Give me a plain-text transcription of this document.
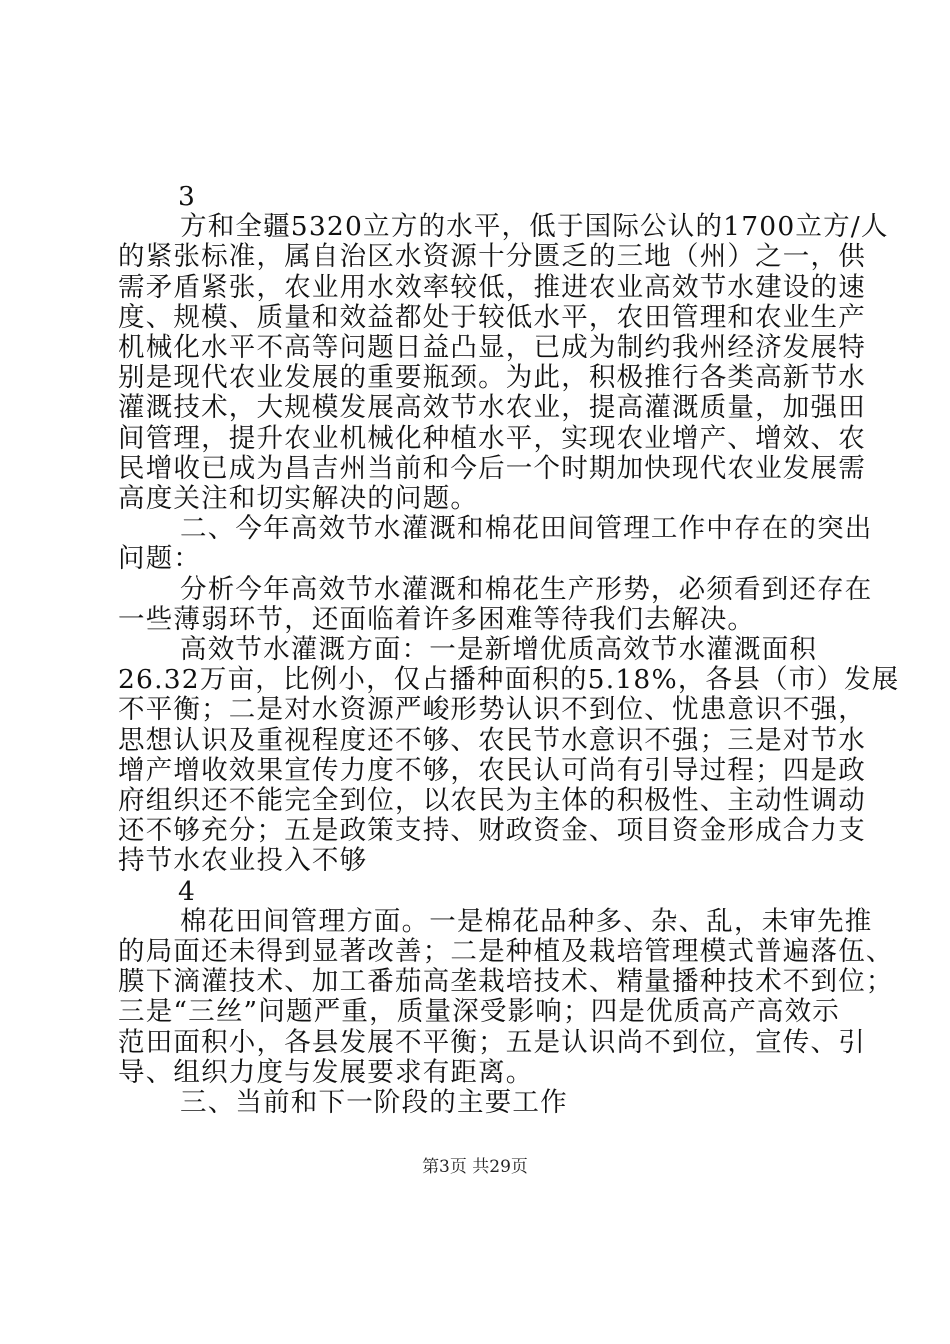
3
方和全疆5320立方的水平，低于国际公认的1700立方/人
的紧张标准，属自治区水资源十分匮乏的三地（州）之一，供
需矛盾紧张，农业用水效率较低，推进农业高效节水建设的速
度、规模、质量和效益都处于较低水平，农田管理和农业生产
机械化水平不高等问题日益凸显，已成为制约我州经济发展特
别是现代农业发展的重要瓶颈。为此，积极推行各类高新节水
灌溉技术，大规模发展高效节水农业，提高灌溉质量，加强田
间管理，提升农业机械化种植水平，实现农业增产、增效、农
民增收已成为昌吉州当前和今后一个时期加快现代农业发展需
高度关注和切实解决的问题。
二、今年高效节水灌溉和棉花田间管理工作中存在的突出
问题：
分析今年高效节水灌溉和棉花生产形势，必须看到还存在
一些薄弱环节，还面临着许多困难等待我们去解决。
高效节水灌溉方面：一是新增优质高效节水灌溉面积
26.32万亩，比例小，仅占播种面积的5.18%，各县（市）发展
不平衡；二是对水资源严峻形势认识不到位、忧患意识不强，
思想认识及重视程度还不够、农民节水意识不强；三是对节水
增产增收效果宣传力度不够，农民认可尚有引导过程；四是政
府组织还不能完全到位，以农民为主体的积极性、主动性调动
还不够充分；五是政策支持、财政资金、项目资金形成合力支
持节水农业投入不够
4
棉花田间管理方面。一是棉花品种多、杂、乱，未审先推
的局面还未得到显著改善；二是种植及栽培管理模式普遍落伍、
膜下滴灌技术、加工番茄高垄栽培技术、精量播种技术不到位；
三是“三丝”问题严重，质量深受影响；四是优质高产高效示
范田面积小，各县发展不平衡；五是认识尚不到位，宣传、引
导、组织力度与发展要求有距离。
三、当前和下一阶段的主要工作
第3页 共29页
